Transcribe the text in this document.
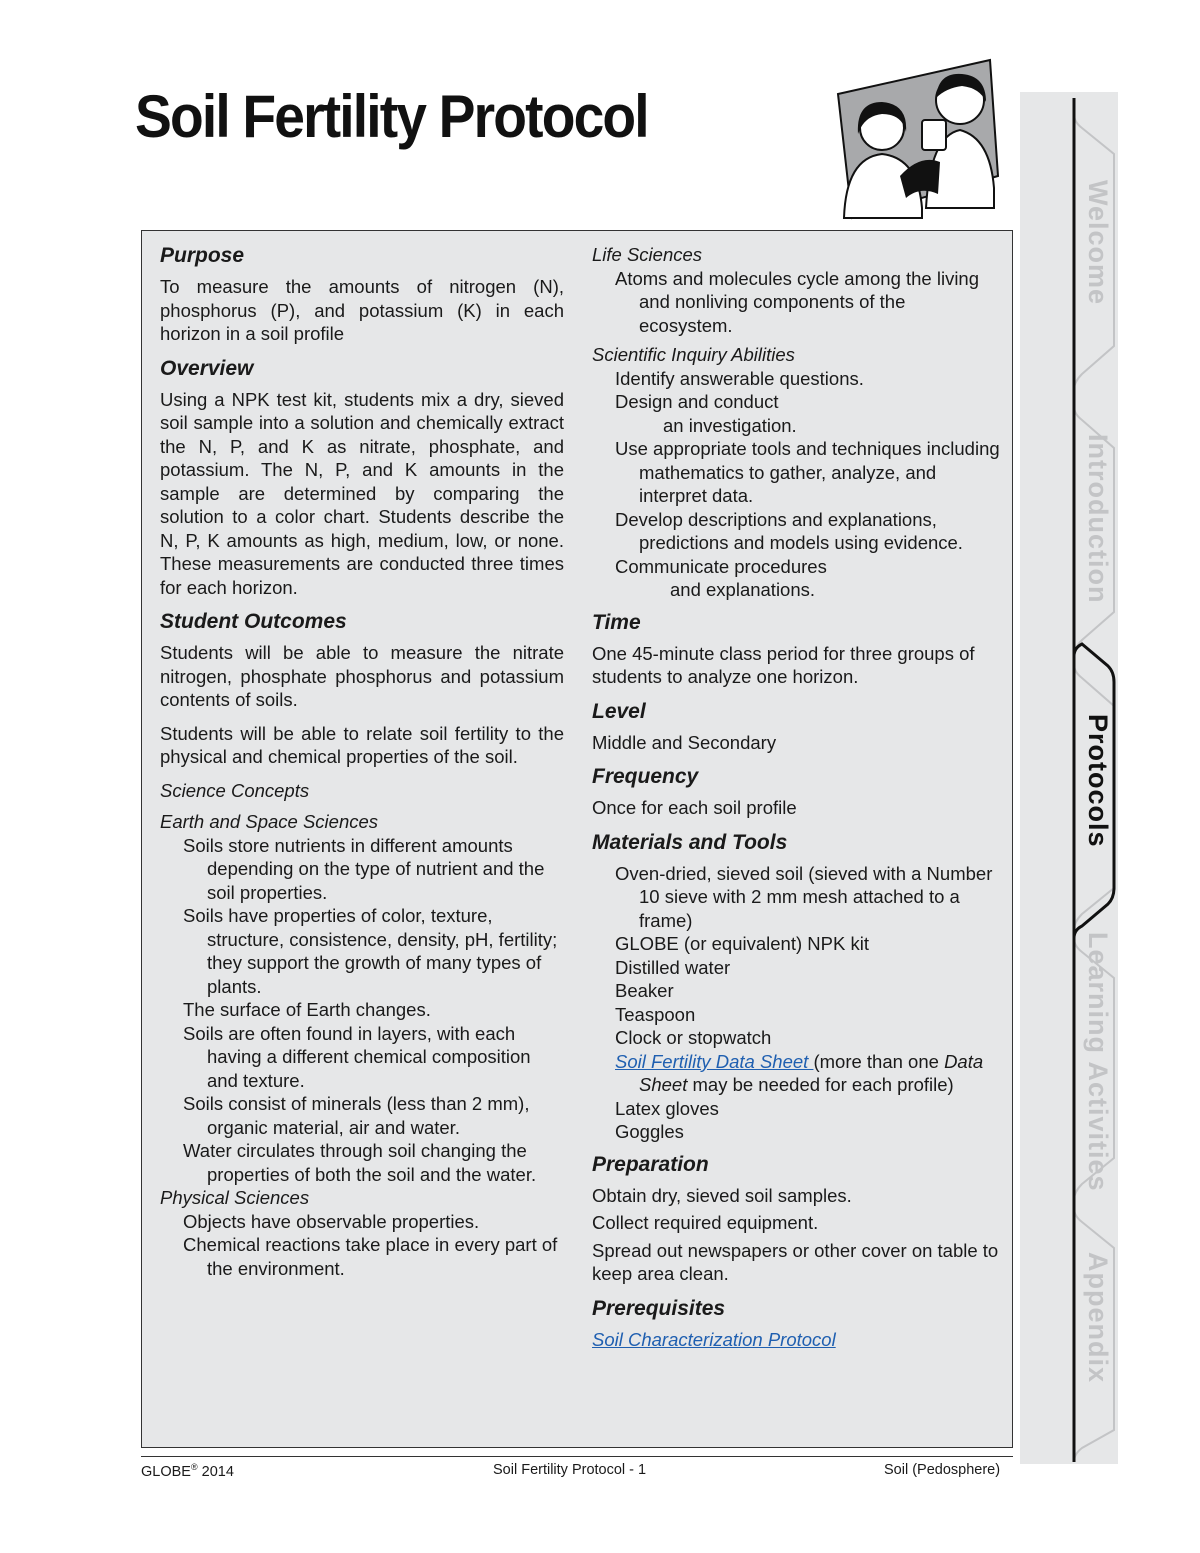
Soil Fertility Protocol
Purpose

To measure the amounts of nitrogen (N), phosphorus (P), and potassium (K) in each horizon in a soil profile

Overview

Using a NPK test kit, students mix a dry, sieved soil sample into a solution and chemically extract the N, P, and K as nitrate, phosphate, and potassium. The N, P, and K amounts in the sample are determined by comparing the solution to a color chart. Students describe the N, P, K amounts as high, medium, low, or none. These measurements are conducted three times for each horizon.

Student Outcomes

Students will be able to measure the nitrate nitrogen, phosphate phosphorus and potassium contents of soils.

Students will be able to relate soil fertility to the physical and chemical properties of the soil.

Science Concepts
Earth and Space Sciences
Soils store nutrients in different amounts depending on the type of nutrient and the soil properties.
Soils have properties of color, texture, structure, consistence, density, pH, fertility; they support the growth of many types of plants.
The surface of Earth changes.
Soils are often found in layers, with each having a different chemical composition and texture.
Soils consist of minerals (less than 2 mm), organic material, air and water.
Water circulates through soil changing the properties of both the soil and the water.
Physical Sciences
Objects have observable properties.
Chemical reactions take place in every part of the environment.
Life Sciences
Atoms and molecules cycle among the living and nonliving components of the ecosystem.
Scientific Inquiry Abilities
Identify answerable questions.
Design and conduct
an investigation.
Use appropriate tools and techniques including mathematics to gather, analyze, and interpret data.
Develop descriptions and explanations, predictions and models using evidence.
Communicate procedures
and explanations.
Time

One 45-minute class period for three groups of students to analyze one horizon.

Level

Middle and Secondary

Frequency

Once for each soil profile

Materials and Tools
Oven-dried, sieved soil (sieved with a Number 10 sieve with 2 mm mesh attached to a frame)
GLOBE (or equivalent) NPK kit
Distilled water
Beaker
Teaspoon
Clock or stopwatch
Soil Fertility Data Sheet (more than one Data Sheet may be needed for each profile)
Latex gloves
Goggles
Preparation

Obtain dry, sieved soil samples.

Collect required equipment.

Spread out newspapers or other cover on table to keep area clean.

Prerequisites
Soil Characterization Protocol
GLOBE® 2014	Soil Fertility Protocol - 1	Soil (Pedosphere)
Welcome
Introduction
Protocols
Learning Activities
Appendix
